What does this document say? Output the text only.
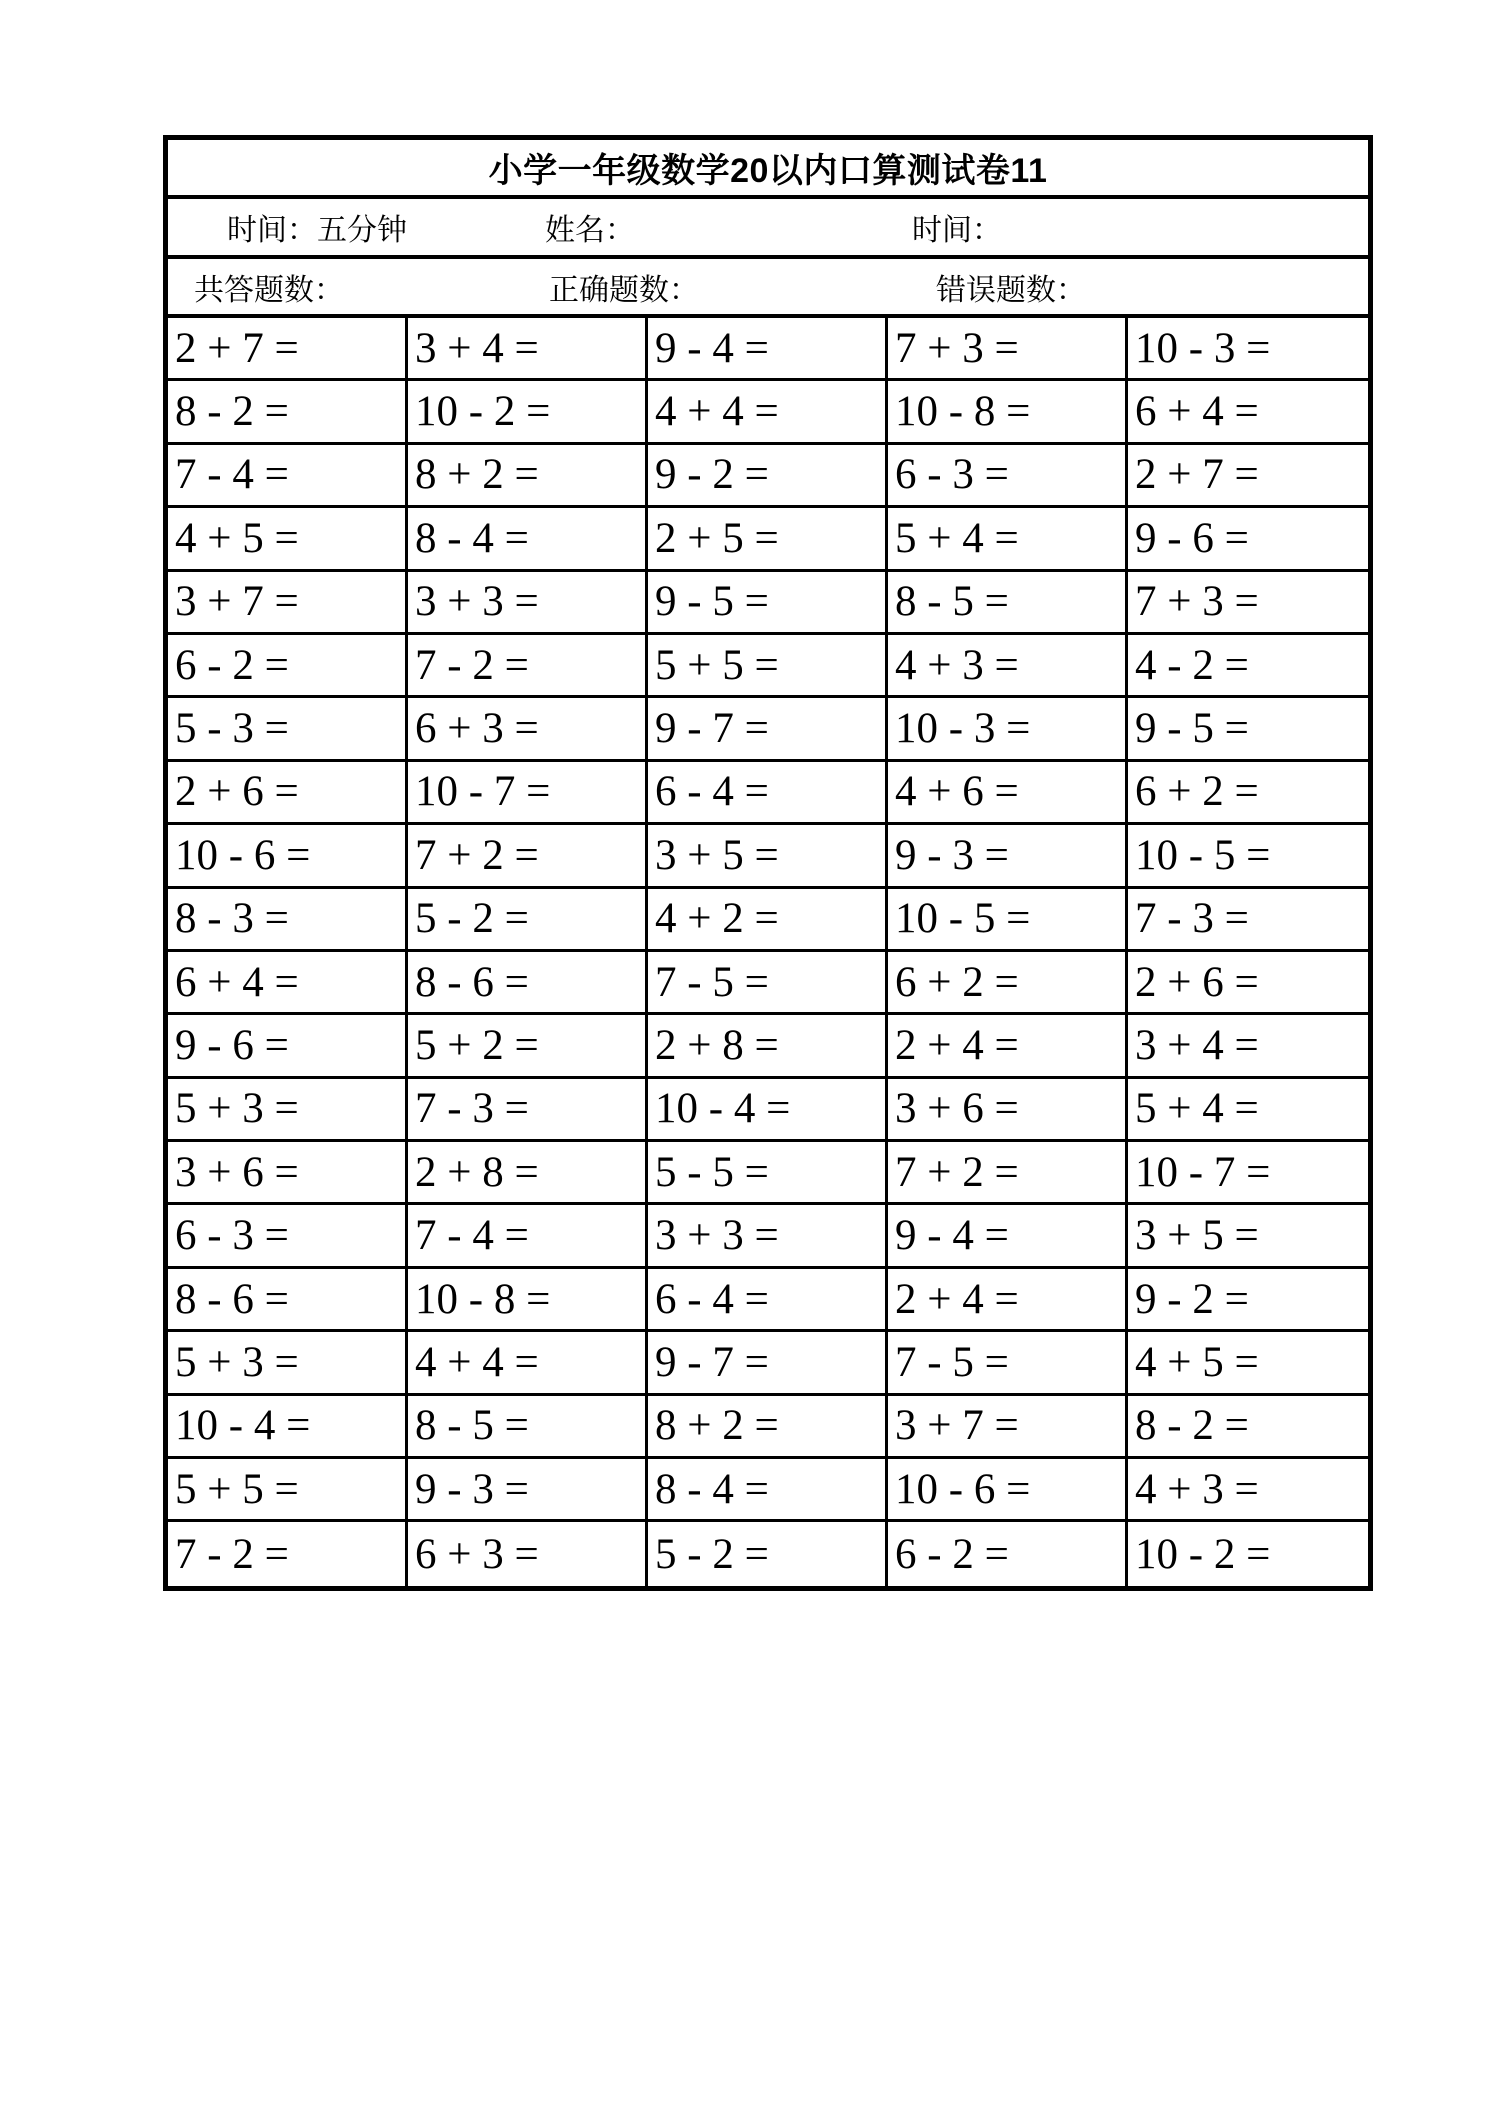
小学一年级数学20以内口算测试卷11
时间：五分钟	姓名：	时间：
共答题数：	正确题数：	错误题数：
2 + 7 =	3 + 4 =	9 - 4 =	7 + 3 =	10 - 3 =
8 - 2 =	10 - 2 =	4 + 4 =	10 - 8 =	6 + 4 =
7 - 4 =	8 + 2 =	9 - 2 =	6 - 3 =	2 + 7 =
4 + 5 =	8 - 4 =	2 + 5 =	5 + 4 =	9 - 6 =
3 + 7 =	3 + 3 =	9 - 5 =	8 - 5 =	7 + 3 =
6 - 2 =	7 - 2 =	5 + 5 =	4 + 3 =	4 - 2 =
5 - 3 =	6 + 3 =	9 - 7 =	10 - 3 =	9 - 5 =
2 + 6 =	10 - 7 =	6 - 4 =	4 + 6 =	6 + 2 =
10 - 6 =	7 + 2 =	3 + 5 =	9 - 3 =	10 - 5 =
8 - 3 =	5 - 2 =	4 + 2 =	10 - 5 =	7 - 3 =
6 + 4 =	8 - 6 =	7 - 5 =	6 + 2 =	2 + 6 =
9 - 6 =	5 + 2 =	2 + 8 =	2 + 4 =	3 + 4 =
5 + 3 =	7 - 3 =	10 - 4 =	3 + 6 =	5 + 4 =
3 + 6 =	2 + 8 =	5 - 5 =	7 + 2 =	10 - 7 =
6 - 3 =	7 - 4 =	3 + 3 =	9 - 4 =	3 + 5 =
8 - 6 =	10 - 8 =	6 - 4 =	2 + 4 =	9 - 2 =
5 + 3 =	4 + 4 =	9 - 7 =	7 - 5 =	4 + 5 =
10 - 4 =	8 - 5 =	8 + 2 =	3 + 7 =	8 - 2 =
5 + 5 =	9 - 3 =	8 - 4 =	10 - 6 =	4 + 3 =
7 - 2 =	6 + 3 =	5 - 2 =	6 - 2 =	10 - 2 =
